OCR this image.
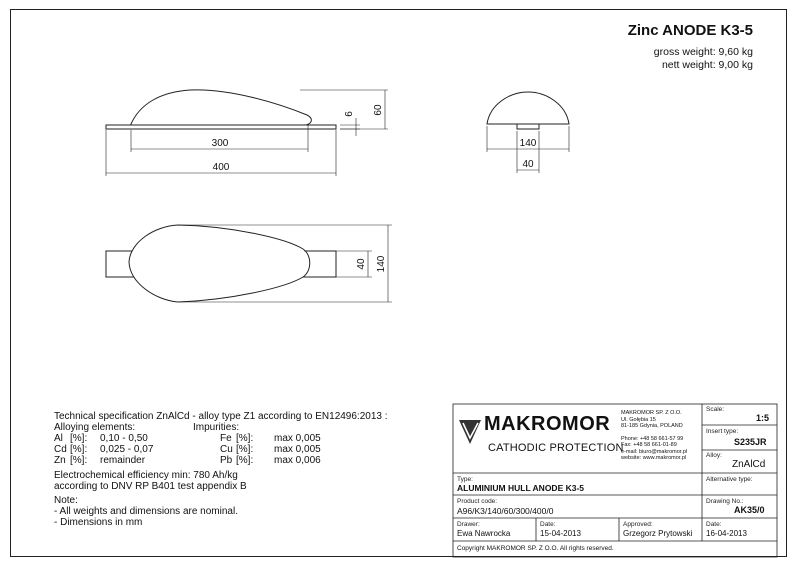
Zinc ANODE K3-5
gross weight: 9,60 kg
nett weight: 9,00 kg
6 60
300
400
140
40
40 140
Technical specification ZnAlCd - alloy type Z1 according to EN12496:2013 :
Alloying elements:	Impurities:
Al [%]: 0,10 - 0,50	Fe [%]: max 0,005
Cd [%]: 0,025 - 0,07	Cu [%]: max 0,005
Zn [%]: remainder	Pb [%]: max 0,006
Electrochemical efficiency min: 780 Ah/kg
according to DNV RP B401 test appendix B
Note:
- All weights and dimensions are nominal.
- Dimensions in mm
MAKROMOR
CATHODIC PROTECTION
MAKROMOR SP. Z O.O.
Ul. Gołębia 15
81-185 Gdynia, POLAND
Phone: +48 58 661-57 99
Fax: +48 58 661-01-89
e-mail: biuro@makromor.pl
website: www.makromor.pl
Scale:
1:5
Insert type:
S235JR
Alloy:
ZnAlCd
Alternative type:
Type:
ALUMINIUM HULL ANODE K3-5
Product code:
A96/K3/140/60/300/400/0
Drawing No.:
AK35/0
Drawer:
Ewa Nawrocka
Date:
15-04-2013
Approved:
Grzegorz Prytowski
Date:
16-04-2013
Copyright MAKROMOR SP. Z O.O. All rights reserved.
